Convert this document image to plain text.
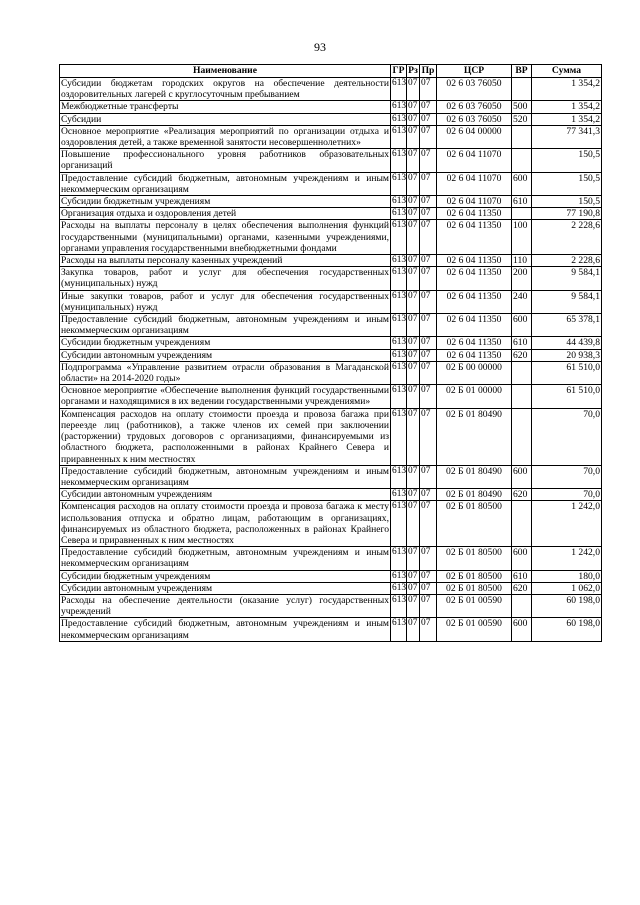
93
Наименование	ГР	Рз	Пр	ЦСР	ВР	Сумма
Субсидии бюджетам городских округов на обеспечение деятельности оздоровительных лагерей с круглосуточным пребыванием	613	07	07	02 6 03 76050		1 354,2
Межбюджетные трансферты	613	07	07	02 6 03 76050	500	1 354,2
Субсидии	613	07	07	02 6 03 76050	520	1 354,2
Основное мероприятие «Реализация мероприятий по организации отдыха и оздоровления детей, а также временной занятости несовершеннолетних»	613	07	07	02 6 04 00000		77 341,3
Повышение профессионального уровня работников образовательных организаций	613	07	07	02 6 04 11070		150,5
Предоставление субсидий бюджетным, автономным учреждениям и иным некоммерческим организациям	613	07	07	02 6 04 11070	600	150,5
Субсидии бюджетным учреждениям	613	07	07	02 6 04 11070	610	150,5
Организация отдыха и оздоровления детей	613	07	07	02 6 04 11350		77 190,8
Расходы на выплаты персоналу в целях обеспечения выполнения функций государственными (муниципальными) органами, казенными учреждениями, органами управления государственными внебюджетными фондами	613	07	07	02 6 04 11350	100	2 228,6
Расходы на выплаты персоналу казенных учреждений	613	07	07	02 6 04 11350	110	2 228,6
Закупка товаров, работ и услуг для обеспечения государственных (муниципальных) нужд	613	07	07	02 6 04 11350	200	9 584,1
Иные закупки товаров, работ и услуг для обеспечения государственных (муниципальных) нужд	613	07	07	02 6 04 11350	240	9 584,1
Предоставление субсидий бюджетным, автономным учреждениям и иным некоммерческим организациям	613	07	07	02 6 04 11350	600	65 378,1
Субсидии бюджетным учреждениям	613	07	07	02 6 04 11350	610	44 439,8
Субсидии автономным учреждениям	613	07	07	02 6 04 11350	620	20 938,3
Подпрограмма «Управление развитием отрасли образования в Магаданской области» на 2014-2020 годы»	613	07	07	02 Б 00 00000		61 510,0
Основное мероприятие «Обеспечение выполнения функций государственными органами и находящимися в их ведении государственными учреждениями»	613	07	07	02 Б 01 00000		61 510,0
Компенсация расходов на оплату стоимости проезда и провоза багажа при переезде лиц (работников), а также членов их семей при заключении (расторжении) трудовых договоров с организациями, финансируемыми из областного бюджета, расположенными в районах Крайнего Севера и приравненных к ним местностях	613	07	07	02 Б 01 80490		70,0
Предоставление субсидий бюджетным, автономным учреждениям и иным некоммерческим организациям	613	07	07	02 Б 01 80490	600	70,0
Субсидии автономным учреждениям	613	07	07	02 Б 01 80490	620	70,0
Компенсация расходов на оплату стоимости проезда и провоза багажа к месту использования отпуска и обратно лицам, работающим в организациях, финансируемых из областного бюджета, расположенных в районах Крайнего Севера и приравненных к ним местностях	613	07	07	02 Б 01 80500		1 242,0
Предоставление субсидий бюджетным, автономным учреждениям и иным некоммерческим организациям	613	07	07	02 Б 01 80500	600	1 242,0
Субсидии бюджетным учреждениям	613	07	07	02 Б 01 80500	610	180,0
Субсидии автономным учреждениям	613	07	07	02 Б 01 80500	620	1 062,0
Расходы на обеспечение деятельности (оказание услуг) государственных учреждений	613	07	07	02 Б 01 00590		60 198,0
Предоставление субсидий бюджетным, автономным учреждениям и иным некоммерческим организациям	613	07	07	02 Б 01 00590	600	60 198,0
